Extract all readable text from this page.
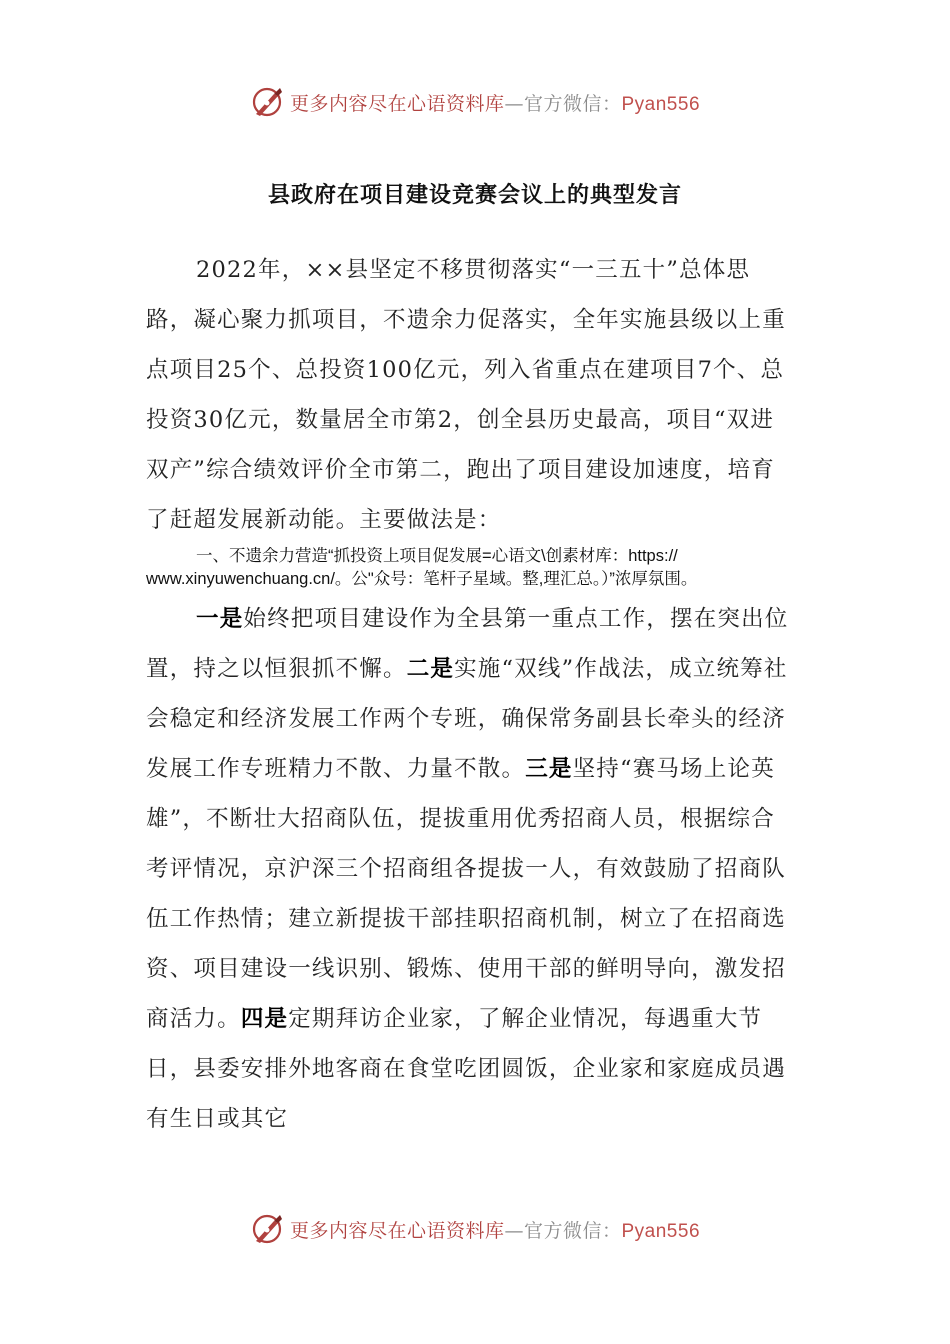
更多内容尽在心语资料库—官方微信：Pyan556
县政府在项目建设竞赛会议上的典型发言
2022年，××县坚定不移贯彻落实“一三五十”总体思路，凝心聚力抓项目，不遗余力促落实，全年实施县级以上重点项目25个、总投资100亿元，列入省重点在建项目7个、总投资30亿元，数量居全市第2，创全县历史最高，项目“双进双产”综合绩效评价全市第二，跑出了项目建设加速度，培育了赶超发展新动能。主要做法是：
一、不遗余力营造“抓投资上项目促发展=心语文\创素材库：https://
www.xinyuwenchuang.cn/。公"众号：笔杆子星域。整,理汇总。）”浓厚氛围。
一是始终把项目建设作为全县第一重点工作，摆在突出位置，持之以恒狠抓不懈。二是实施“双线”作战法，成立统筹社会稳定和经济发展工作两个专班，确保常务副县长牵头的经济发展工作专班精力不散、力量不散。三是坚持“赛马场上论英雄”，不断壮大招商队伍，提拔重用优秀招商人员，根据综合考评情况，京沪深三个招商组各提拔一人，有效鼓励了招商队伍工作热情；建立新提拔干部挂职招商机制，树立了在招商选资、项目建设一线识别、锻炼、使用干部的鲜明导向，激发招商活力。四是定期拜访企业家，了解企业情况，每遇重大节日，县委安排外地客商在食堂吃团圆饭，企业家和家庭成员遇有生日或其它
更多内容尽在心语资料库—官方微信：Pyan556
